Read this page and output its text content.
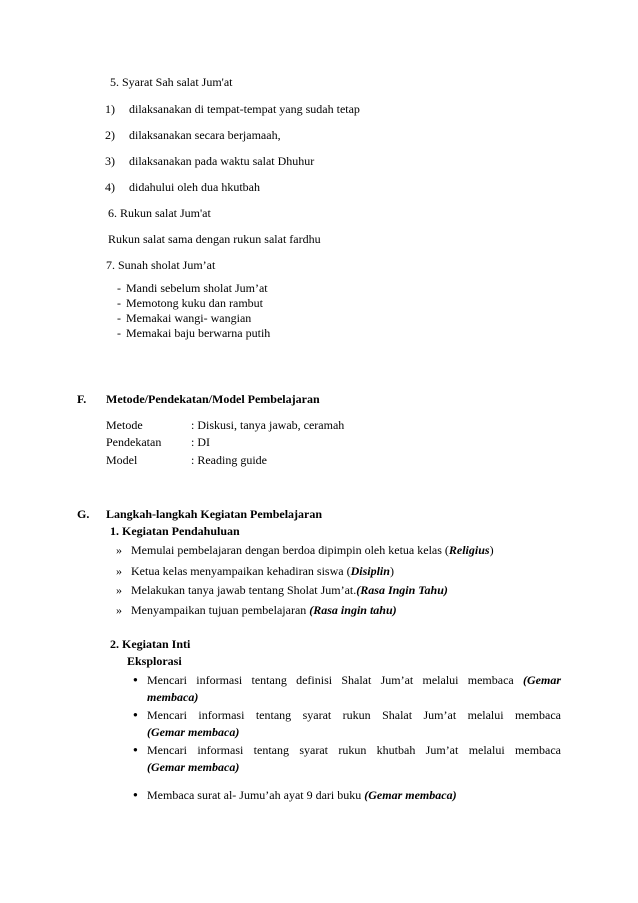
5. Syarat Sah salat Jum'at
1) dilaksanakan di tempat-tempat yang sudah tetap
2) dilaksanakan secara berjamaah,
3) dilaksanakan pada waktu salat Dhuhur
4) didahului oleh dua hkutbah
6. Rukun salat Jum'at
Rukun salat sama dengan rukun salat fardhu
7. Sunah sholat Jum’at
- Mandi sebelum sholat Jum’at
- Memotong kuku dan rambut
- Memakai wangi- wangian
- Memakai baju berwarna putih
F. Metode/Pendekatan/Model Pembelajaran
Metode	: Diskusi, tanya jawab, ceramah
Pendekatan : DI
Model	: Reading guide
G. Langkah-langkah Kegiatan Pembelajaran
1. Kegiatan Pendahuluan
» Memulai pembelajaran dengan berdoa dipimpin oleh ketua kelas (Religius)
» Ketua kelas menyampaikan kehadiran siswa (Disiplin)
» Melakukan tanya jawab tentang Sholat Jum’at.(Rasa Ingin Tahu)
» Menyampaikan tujuan pembelajaran (Rasa ingin tahu)
2. Kegiatan Inti
Eksplorasi
● Mencari informasi tentang definisi Shalat Jum’at melalui membaca (Gemar
membaca)
● Mencari informasi tentang syarat rukun Shalat Jum’at melalui membaca
(Gemar membaca)
● Mencari informasi tentang syarat rukun khutbah Jum’at melalui membaca
(Gemar membaca)
● Membaca surat al- Jumu’ah ayat 9 dari buku (Gemar membaca)
